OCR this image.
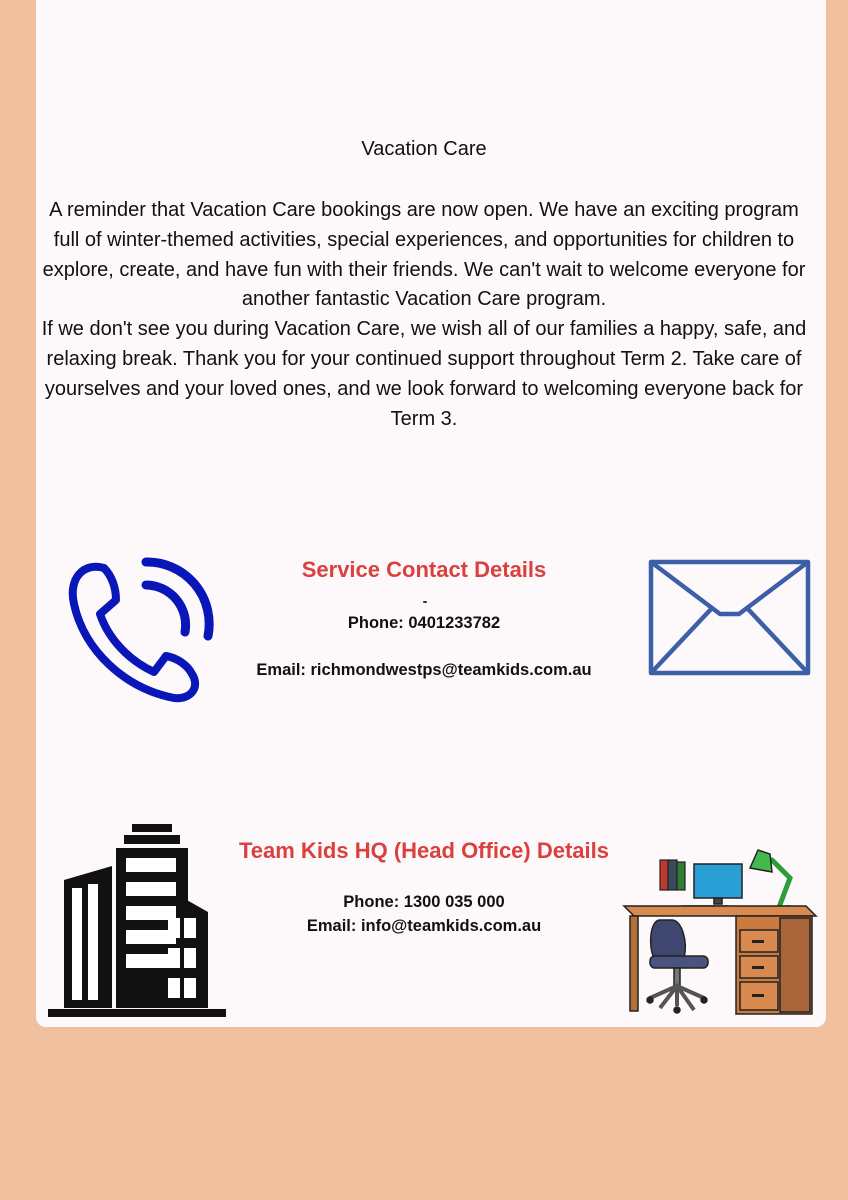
Vacation Care

A reminder that Vacation Care bookings are now open. We have an exciting program full of winter-themed activities, special experiences, and opportunities for children to explore, create, and have fun with their friends. We can't wait to welcome everyone for another fantastic Vacation Care program.

If we don't see you during Vacation Care, we wish all of our families a happy, safe, and relaxing break. Thank you for your continued support throughout Term 2. Take care of yourselves and your loved ones, and we look forward to welcoming everyone back for Term 3.

Service Contact Details
Phone: 0401233782
Email: richmondwestps@teamkids.com.au
Team Kids HQ (Head Office) Details
Phone: 1300 035 000
Email: info@teamkids.com.au
